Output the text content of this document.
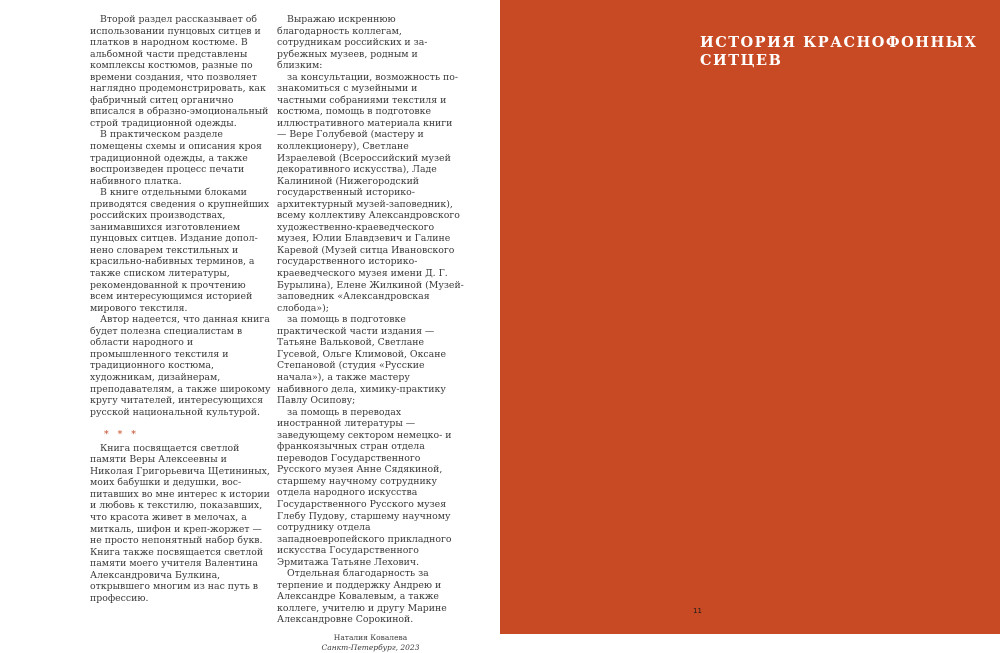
Второй раздел рассказывает об использовании пунцовых ситцев и платков в народном костюме. В альбомной части представлены комплексы костюмов, разные по времени создания, что позволяет наглядно продемонстрировать, как фабричный ситец органично вписался в образно-эмоциональный строй традиционной одежды.

В практическом разделе помещены схемы и описания кроя традиционной одежды, а также воспроизведен процесс печати набивного платка.

В книге отдельными блоками приводятся сведения о крупнейших российских производствах, занимавшихся изготовлением пунцовых ситцев. Издание дополнено словарем текстильных и красильно-набивных терминов, а также списком литературы, рекомендованной к прочтению всем интересующимся историей мирового текстиля.

Автор надеется, что данная книга будет полезна специалистам в области народного и промышленного текстиля и традиционного костюма, художникам, дизайнерам, преподавателям, а также широкому кругу читателей, интересующихся русской национальной культурой.

* * *

Книга посвящается светлой памяти Веры Алексеевны и Николая Григорьевича Щетининых, моих бабушки и дедушки, воспитавших во мне интерес к истории и любовь к текстилю, показавших, что красота живет в мелочах, а миткаль, шифон и креп-жоржет — не просто непонятный набор букв. Книга также посвящается светлой памяти моего учителя Валентина Александровича Булкина, открывшего многим из нас путь в профессию.

Выражаю искреннюю благодарность коллегам, сотрудникам российских и зарубежных музеев, родным и близким:

за консультации, возможность познакомиться с музейными и частными собраниями текстиля и костюма, помощь в подготовке иллюстративного материала книги — Вере Голубевой (мастеру и коллекционеру), Светлане Израелевой (Всероссийский музей декоративного искусства), Ладе Калининой (Нижегородский государственный историко-архитектурный музей-заповедник), всему коллективу Александровского художественно-краеведческого музея, Юлии Блавдзевич и Галине Каревой (Музей ситца Ивановского государственного историко-краеведческого музея имени Д. Г. Бурылина), Елене Жилкиной (Музей-заповедник «Александровская слобода»);

за помощь в подготовке практической части издания — Татьяне Вальковой, Светлане Гусевой, Ольге Климовой, Оксане Степановой (студия «Русские начала»), а также мастеру набивного дела, химику-практику Павлу Осипову;

за помощь в переводах иностранной литературы — заведующему сектором немецко- и франкоязычных стран отдела переводов Государственного Русского музея Анне Сядякиной, старшему научному сотруднику отдела народного искусства Государственного Русского музея Глебу Пудову, старшему научному сотруднику отдела западноевропейского прикладного искусства Государственного Эрмитажа Татьяне Лехович.

Отдельная благодарность за терпение и поддержку Андрею и Александре Ковалевым, а также коллеге, учителю и другу Марине Александровне Сорокиной.

Наталия Ковалева
Санкт-Петербург, 2023
ИСТОРИЯ КРАСНОФОННЫХ СИТЦЕВ
11
